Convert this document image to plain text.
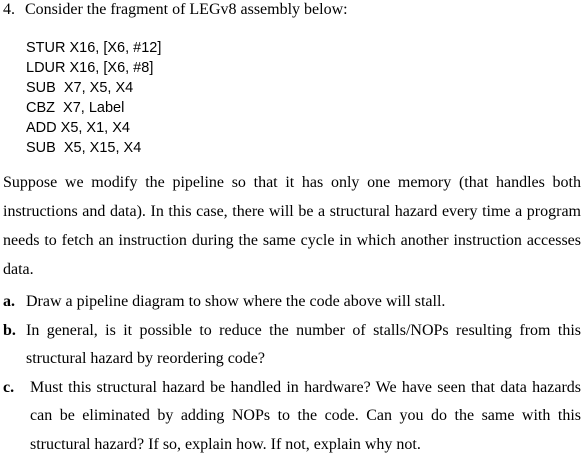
4. Consider the fragment of LEGv8 assembly below:
STUR X16, [X6, #12]
LDUR X16, [X6, #8]
SUB  X7, X5, X4
CBZ  X7, Label
ADD X5, X1, X4
SUB  X5, X15, X4
Suppose we modify the pipeline so that it has only one memory (that handles both instructions and data). In this case, there will be a structural hazard every time a program needs to fetch an instruction during the same cycle in which another instruction accesses data.
a. Draw a pipeline diagram to show where the code above will stall.
b. In general, is it possible to reduce the number of stalls/NOPs resulting from this structural hazard by reordering code?
c. Must this structural hazard be handled in hardware? We have seen that data hazards can be eliminated by adding NOPs to the code. Can you do the same with this structural hazard? If so, explain how. If not, explain why not.
